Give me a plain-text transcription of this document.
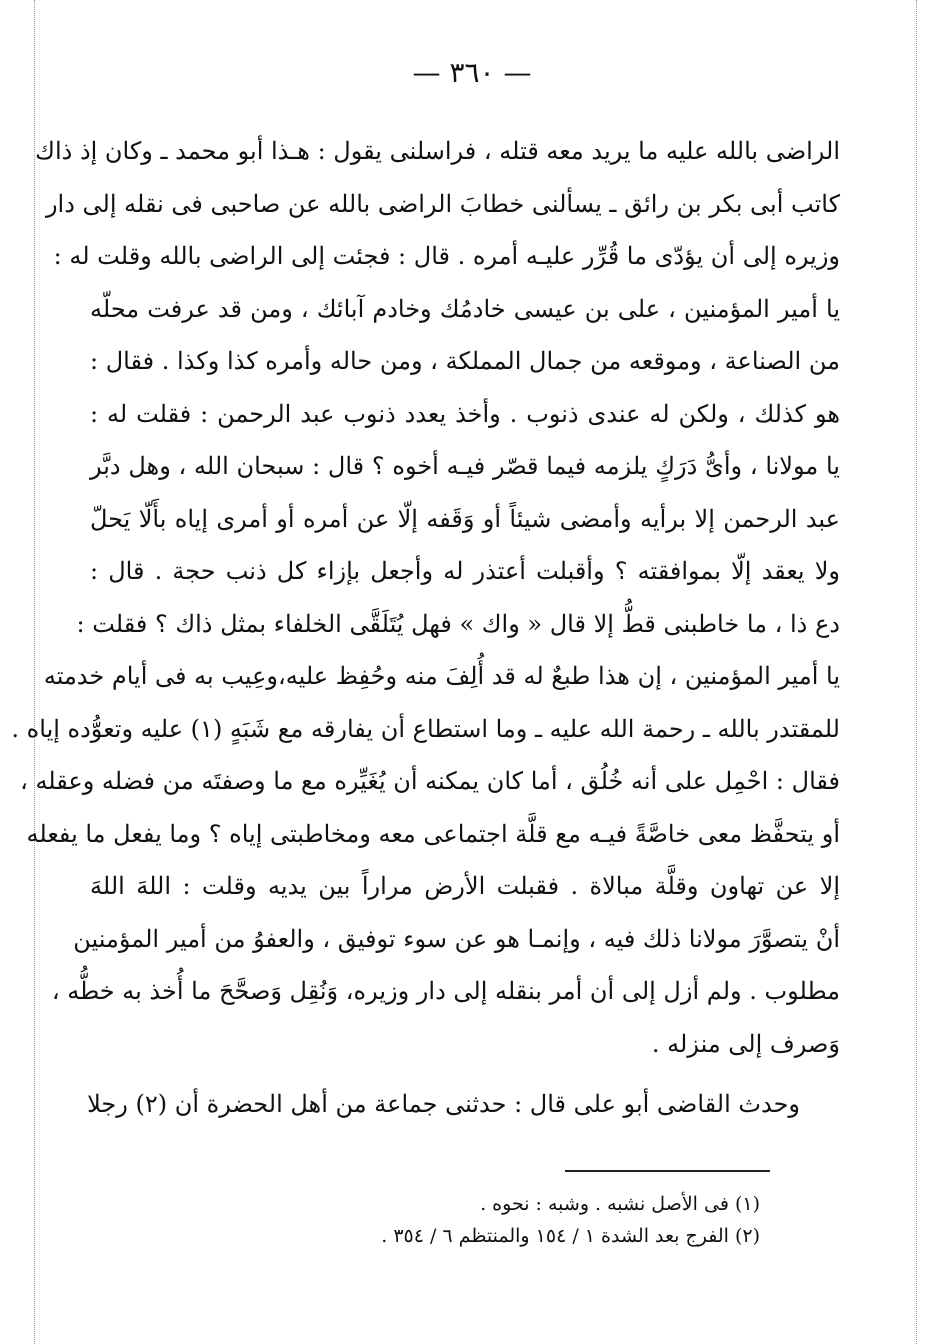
— ٣٦٠ —
الراضى بالله عليه ما يريد معه قتله ، فراسلنى يقول : هـذا أبو محمد ـ وكان إذ ذاك
كاتب أبى بكر بن رائق ـ يسألنى خطابَ الراضى بالله عن صاحبى فى نقله إلى دار
وزيره إلى أن يؤدّى ما قُرِّر عليـه أمره . قال : فجئت إلى الراضى بالله وقلت له :
يا أمير المؤمنين ، على بن عيسى خادمُك وخادم آبائك ، ومن قد عرفت محلّه
من الصناعة ، وموقعه من جمال المملكة ، ومن حاله وأمره كذا وكذا . فقال :
هو كذلك ، ولكن له عندى ذنوب . وأخذ يعدد ذنوب عبد الرحمن : فقلت له :
يا مولانا ، وأىُّ دَرَكٍ يلزمه فيما قصّر فيـه أخوه ؟ قال : سبحان الله ، وهل دبَّر
عبد الرحمن إلا برأيه وأمضى شيئاً أو وَقَفه إلّا عن أمره أو أمرى إياه بأَلّا يَحلّ
ولا يعقد إلّا بموافقته ؟ وأقبلت أعتذر له وأجعل بإزاء كل ذنب حجة . قال :
دع ذا ، ما خاطبنى قطُّ إلا قال « واك » فهل يُتَلَقَّى الخلفاء بمثل ذاك ؟ فقلت :
يا أمير المؤمنين ، إن هذا طبعٌ له قد أُلِفَ منه وحُفِظ عليه،وعِيب به فى أيام خدمته
للمقتدر بالله ـ رحمة الله عليه ـ وما استطاع أن يفارقه مع شَبَهٍ (١) عليه وتعوُّده إياه .
فقال : احْمِل على أنه خُلُق ، أما كان يمكنه أن يُغَيِّره مع ما وصفتَه من فضله وعقله ،
أو يتحفَّظ معى خاصَّةً فيـه مع قلَّة اجتماعى معه ومخاطبتى إياه ؟ وما يفعل ما يفعله
إلا عن تهاون وقلَّة مبالاة . فقبلت الأرض مراراً بين يديه وقلت : اللهَ اللهَ
أنْ يتصوَّرَ مولانا ذلك فيه ، وإنمـا هو عن سوء توفيق ، والعفوُ من أمير المؤمنين
مطلوب . ولم أزل إلى أن أمر بنقله إلى دار وزيره، وَنُقِل وَصحَّحَ ما أُخذ به خطُّه ،
وَصرف إلى منزله .
وحدث القاضى أبو على قال : حدثنى جماعة من أهل الحضرة أن (٢) رجلا
(١) فى الأصل نشبه . وشبه : نحوه .
(٢) الفرج بعد الشدة ١ / ١٥٤ والمنتظم ٦ / ٣٥٤ .
